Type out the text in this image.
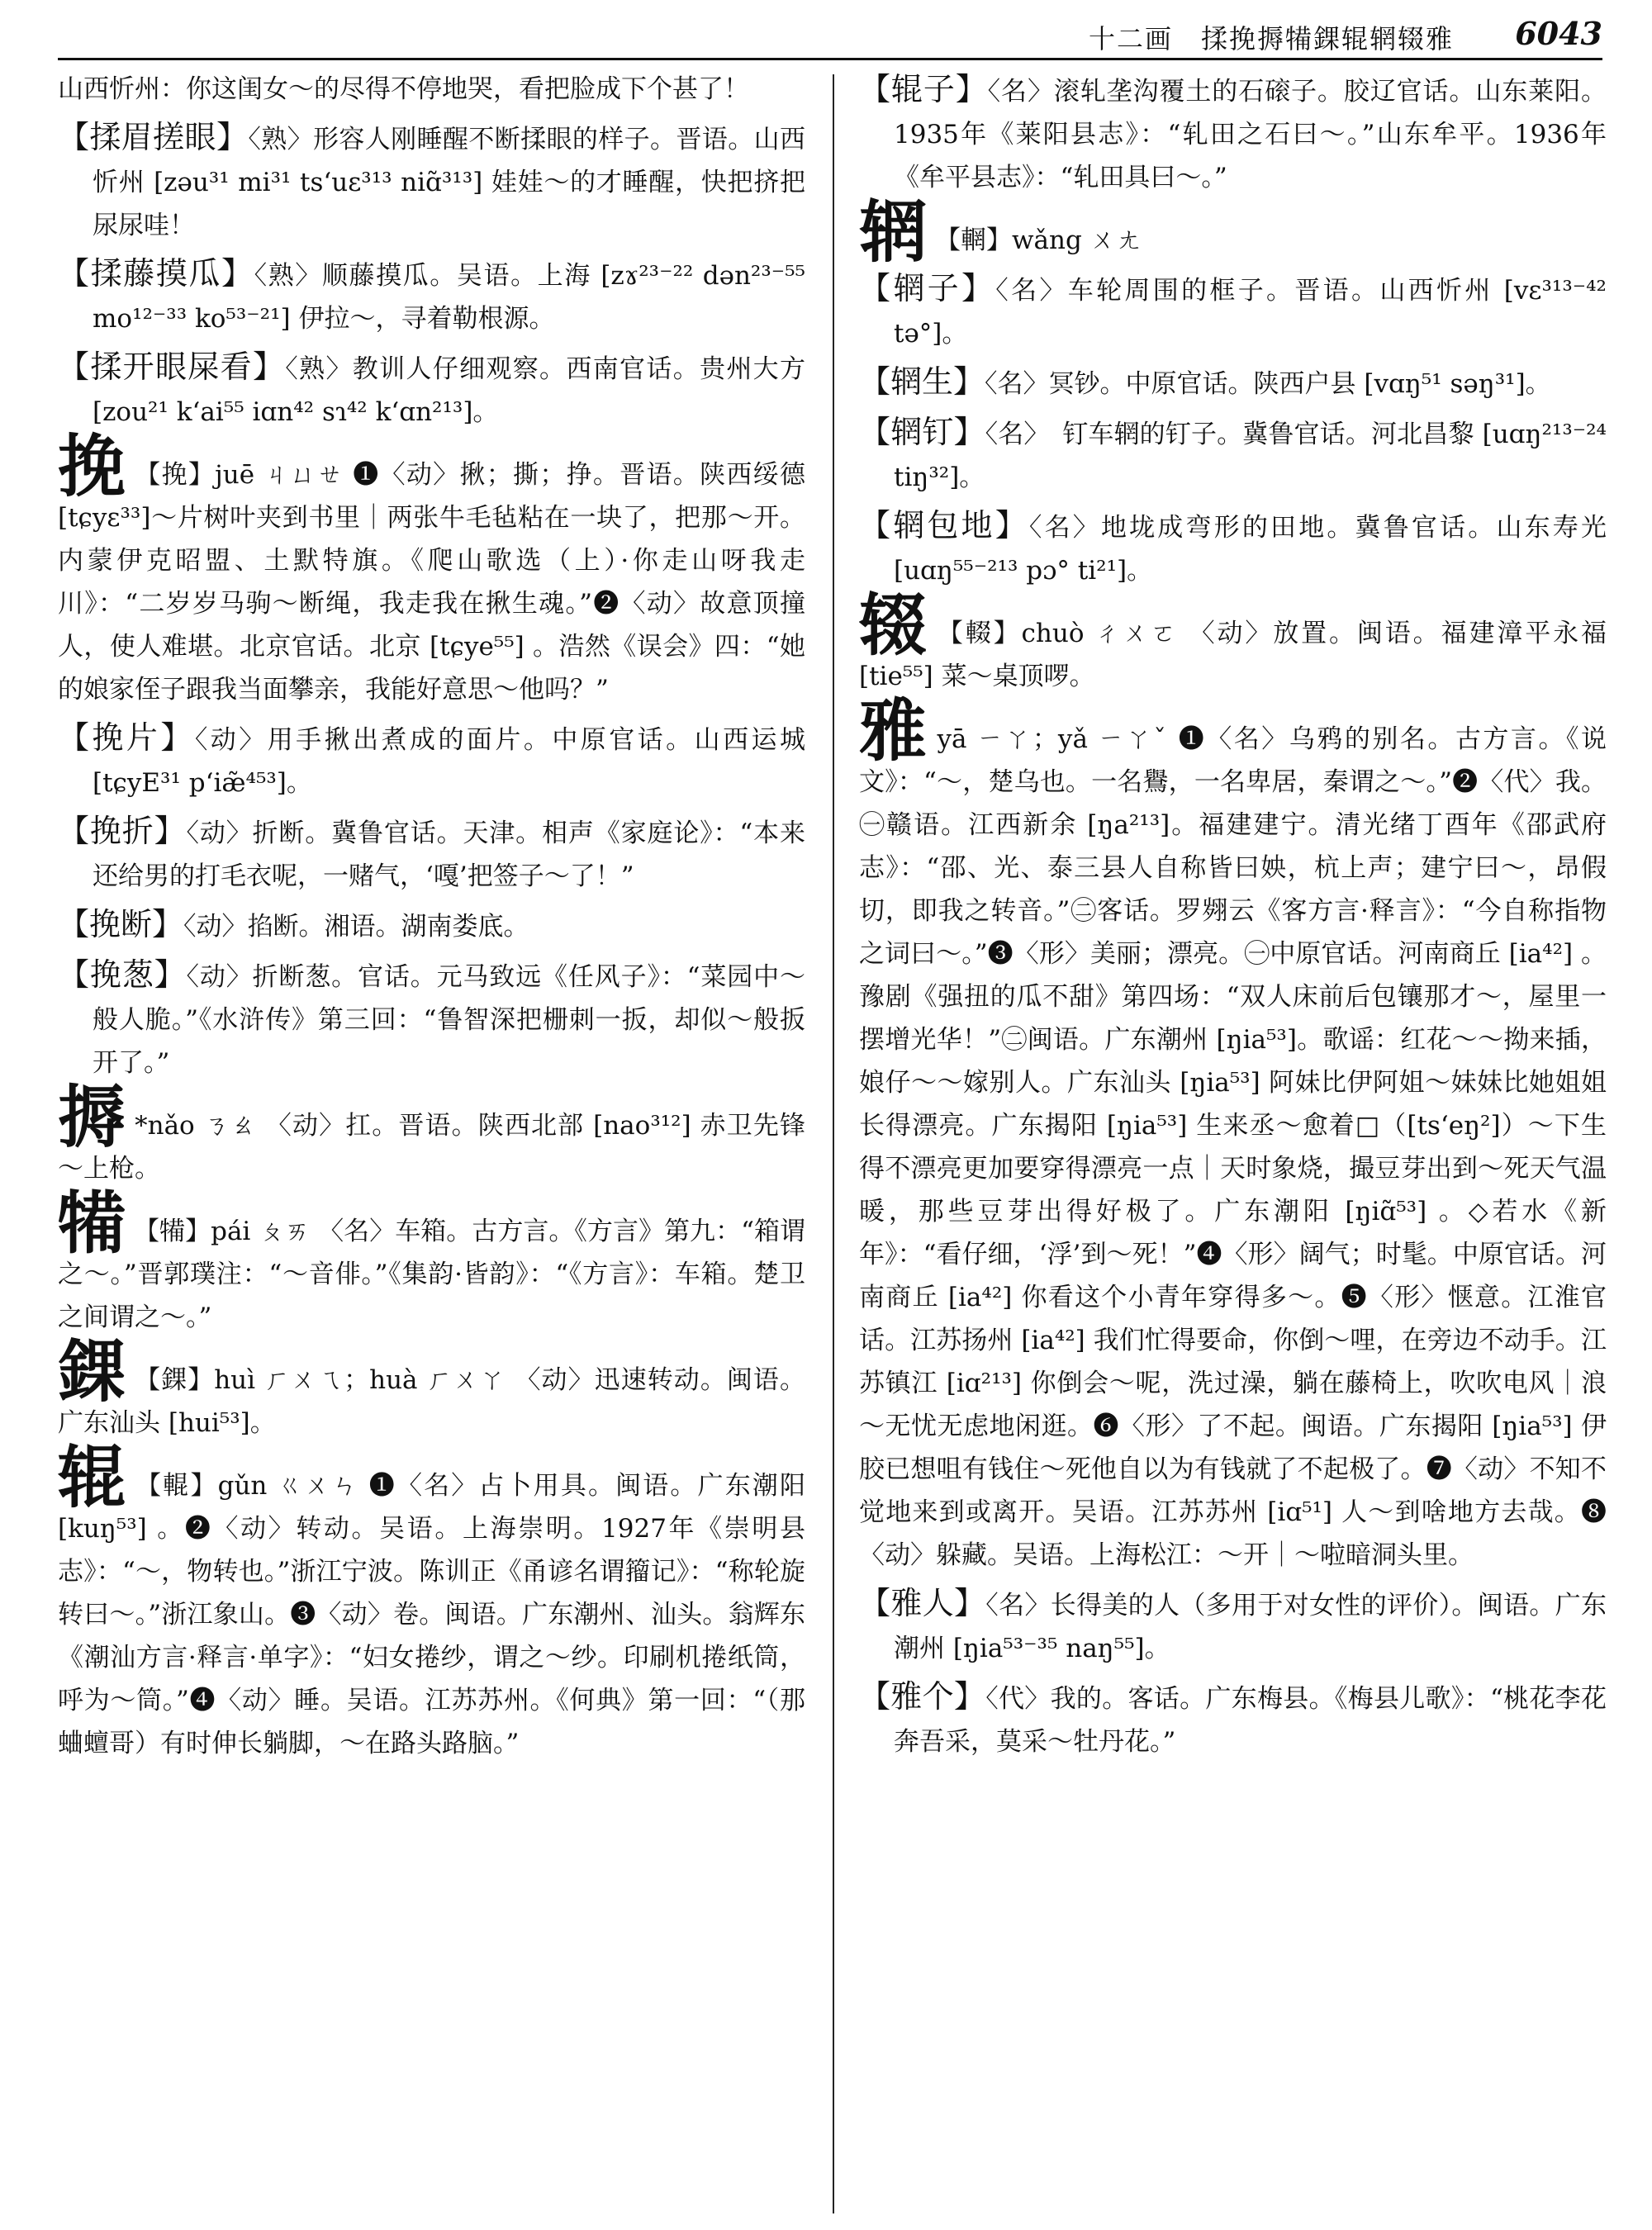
十二画　揉挽搙犕錁辊辋辍雅 6043

山西忻州：你这闺女～的尽得不停地哭，看把脸成下个甚了！

【揉眉搓眼】〈熟〉形容人刚睡醒不断揉眼的样子。晋语。山西忻州 [zəu³¹ mi³¹ tsʻuɛ³¹³ niɑ̃³¹³] 娃娃～的才睡醒，快把挤把尿尿哇！

【揉藤摸瓜】〈熟〉顺藤摸瓜。吴语。上海 [zɤ²³⁻²² dən²³⁻⁵⁵ mo¹²⁻³³ ko⁵³⁻²¹] 伊拉～，寻着勒根源。

【揉开眼屎看】〈熟〉教训人仔细观察。西南官话。贵州大方 [zou²¹ kʻai⁵⁵ iɑn⁴² sɿ⁴² kʻɑn²¹³]。

挽 【挽】juē ㄐㄩㄝ ❶〈动〉揪；撕；挣。晋语。陕西绥德 [tɕyɛ³³]～片树叶夹到书里｜两张牛毛毡粘在一块了，把那～开。内蒙伊克昭盟、土默特旗。《爬山歌选（上）·你走山呀我走川》：“二岁岁马驹～断绳，我走我在揪生魂。”❷〈动〉故意顶撞人，使人难堪。北京官话。北京 [tɕye⁵⁵] 。浩然《误会》四：“她的娘家侄子跟我当面攀亲，我能好意思～他吗？”

【挽片】〈动〉用手揪出煮成的面片。中原官话。山西运城 [tɕyE³¹ pʻiæ̃⁴⁵³]。

【挽折】〈动〉折断。冀鲁官话。天津。相声《家庭论》：“本来还给男的打毛衣呢，一赌气，‘嘎’把签子～了！”

【挽断】〈动〉掐断。湘语。湖南娄底。

【挽葱】〈动〉折断葱。官话。元马致远《任风子》：“菜园中～般人脆。”《水浒传》第三回：“鲁智深把栅刺一扳，却似～般扳开了。”

搙 *nǎo ㄋㄠ 〈动〉扛。晋语。陕西北部 [nao³¹²] 赤卫先锋～上枪。

犕 【犕】pái ㄆㄞ 〈名〉车箱。古方言。《方言》第九：“箱谓之～。”晋郭璞注：“～音俳。”《集韵·皆韵》：“《方言》：车箱。楚卫之间谓之～。”

錁 【錁】huì ㄏㄨㄟ；huà ㄏㄨㄚ 〈动〉迅速转动。闽语。广东汕头 [hui⁵³]。

辊 【輥】gǔn ㄍㄨㄣ ❶〈名〉占卜用具。闽语。广东潮阳 [kuŋ⁵³] 。❷〈动〉转动。吴语。上海崇明。1927年《崇明县志》：“～，物转也。”浙江宁波。陈训正《甬谚名谓籀记》：“称轮旋转曰～。”浙江象山。❸〈动〉卷。闽语。广东潮州、汕头。翁辉东《潮汕方言·释言·单字》：“妇女捲纱，谓之～纱。印刷机捲纸筒，呼为～筒。”❹〈动〉睡。吴语。江苏苏州。《何典》第一回：“（那蛐蟺哥）有时伸长躺脚，～在路头路脑。”

【辊子】〈名〉滚轧垄沟覆土的石磙子。胶辽官话。山东莱阳。1935年《莱阳县志》：“轧田之石曰～。”山东牟平。1936年《牟平县志》：“轧田具曰～。”

辋 【輞】wǎng ㄨㄤ

【辋子】〈名〉车轮周围的框子。晋语。山西忻州 [vɛ³¹³⁻⁴² tə°]。

【辋生】〈名〉冥钞。中原官话。陕西户县 [vɑŋ⁵¹ səŋ³¹]。

【辋钉】〈名〉　钉车辋的钉子。冀鲁官话。河北昌黎 [uɑŋ²¹³⁻²⁴ tiŋ³²]。

【辋包地】〈名〉地垅成弯形的田地。冀鲁官话。山东寿光 [uɑŋ⁵⁵⁻²¹³ pɔ° ti²¹]。

辍 【輟】chuò ㄔㄨㄛ 〈动〉放置。闽语。福建漳平永福 [tie⁵⁵] 菜～桌顶啰。

雅yā ㄧㄚ；yǎ ㄧㄚˇ ❶〈名〉乌鸦的别名。古方言。《说文》：“～，楚乌也。一名鸒，一名卑居，秦谓之～。”❷〈代〉我。㊀赣语。江西新余 [ŋa²¹³]。福建建宁。清光绪丁酉年《邵武府志》：“邵、光、泰三县人自称皆曰姎，杭上声；建宁曰～，昂假切，即我之转音。”㊁客话。罗翙云《客方言·释言》：“今自称指物之词曰～。”❸〈形〉美丽；漂亮。㊀中原官话。河南商丘 [ia⁴²] 。豫剧《强扭的瓜不甜》第四场：“双人床前后包镶那才～，屋里一摆增光华！”㊁闽语。广东潮州 [ŋia⁵³]。歌谣：红花～～拗来插，娘仔～～嫁别人。广东汕头 [ŋia⁵³] 阿妹比伊阿姐～妹妹比她姐姐长得漂亮。广东揭阳 [ŋia⁵³] 生来丞～愈着□（[tsʻeŋ²]）～下生得不漂亮更加要穿得漂亮一点｜天时象烧，撮豆芽出到～死天气温暖，那些豆芽出得好极了。广东潮阳 [ŋiɑ̃⁵³] 。◇若水《新年》：“看仔细，‘浮’到～死！”❹〈形〉阔气；时髦。中原官话。河南商丘 [ia⁴²] 你看这个小青年穿得多～。❺〈形〉惬意。江淮官话。江苏扬州 [ia⁴²] 我们忙得要命，你倒～哩，在旁边不动手。江苏镇江 [iɑ²¹³] 你倒会～呢，洗过澡，躺在藤椅上，吹吹电风｜浪～无忧无虑地闲逛。❻〈形〉了不起。闽语。广东揭阳 [ŋia⁵³] 伊胶已想咀有钱住～死他自以为有钱就了不起极了。❼〈动〉不知不觉地来到或离开。吴语。江苏苏州 [iɑ⁵¹] 人～到啥地方去哉。❽〈动〉躲藏。吴语。上海松江：～开｜～啦暗洞头里。

【雅人】〈名〉长得美的人（多用于对女性的评价）。闽语。广东潮州 [ŋia⁵³⁻³⁵ naŋ⁵⁵]。

【雅个】〈代〉我的。客话。广东梅县。《梅县儿歌》：“桃花李花奔吾采，莫采～牡丹花。”
